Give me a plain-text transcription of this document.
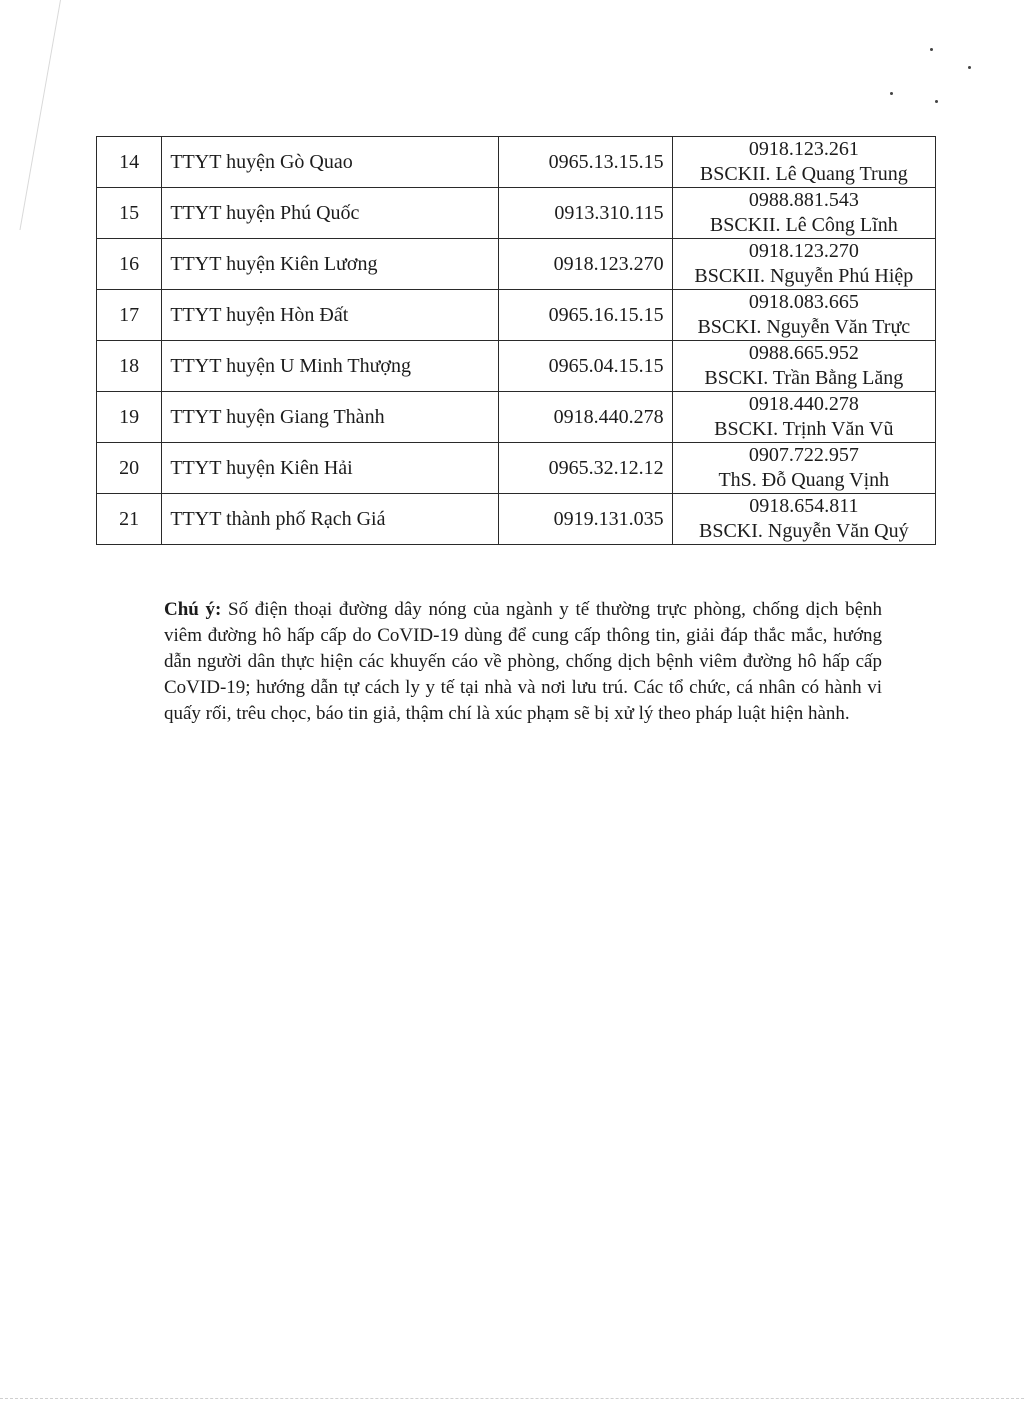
14	TTYT huyện Gò Quao	0965.13.15.15	0918.123.261
BSCKII. Lê Quang Trung

15	TTYT huyện Phú Quốc	0913.310.115	0988.881.543
BSCKII. Lê Công Lĩnh

16	TTYT huyện Kiên Lương	0918.123.270	0918.123.270
BSCKII. Nguyễn Phú Hiệp

17	TTYT huyện Hòn Đất	0965.16.15.15	0918.083.665
BSCKI. Nguyễn Văn Trực

18	TTYT huyện U Minh Thượng	0965.04.15.15	0988.665.952
BSCKI. Trần Bằng Lăng

19	TTYT huyện Giang Thành	0918.440.278	0918.440.278
BSCKI. Trịnh Văn Vũ

20	TTYT huyện Kiên Hải	0965.32.12.12	0907.722.957
ThS. Đỗ Quang Vịnh

21	TTYT thành phố Rạch Giá	0919.131.035	0918.654.811
BSCKI. Nguyễn Văn Quý

Chú ý: Số điện thoại đường dây nóng của ngành y tế thường trực phòng, chống dịch bệnh viêm đường hô hấp cấp do CoVID-19 dùng để cung cấp thông tin, giải đáp thắc mắc, hướng dẫn người dân thực hiện các khuyến cáo về phòng, chống dịch bệnh viêm đường hô hấp cấp CoVID-19; hướng dẫn tự cách ly y tế tại nhà và nơi lưu trú. Các tổ chức, cá nhân có hành vi quấy rối, trêu chọc, báo tin giả, thậm chí là xúc phạm sẽ bị xử lý theo pháp luật hiện hành.
